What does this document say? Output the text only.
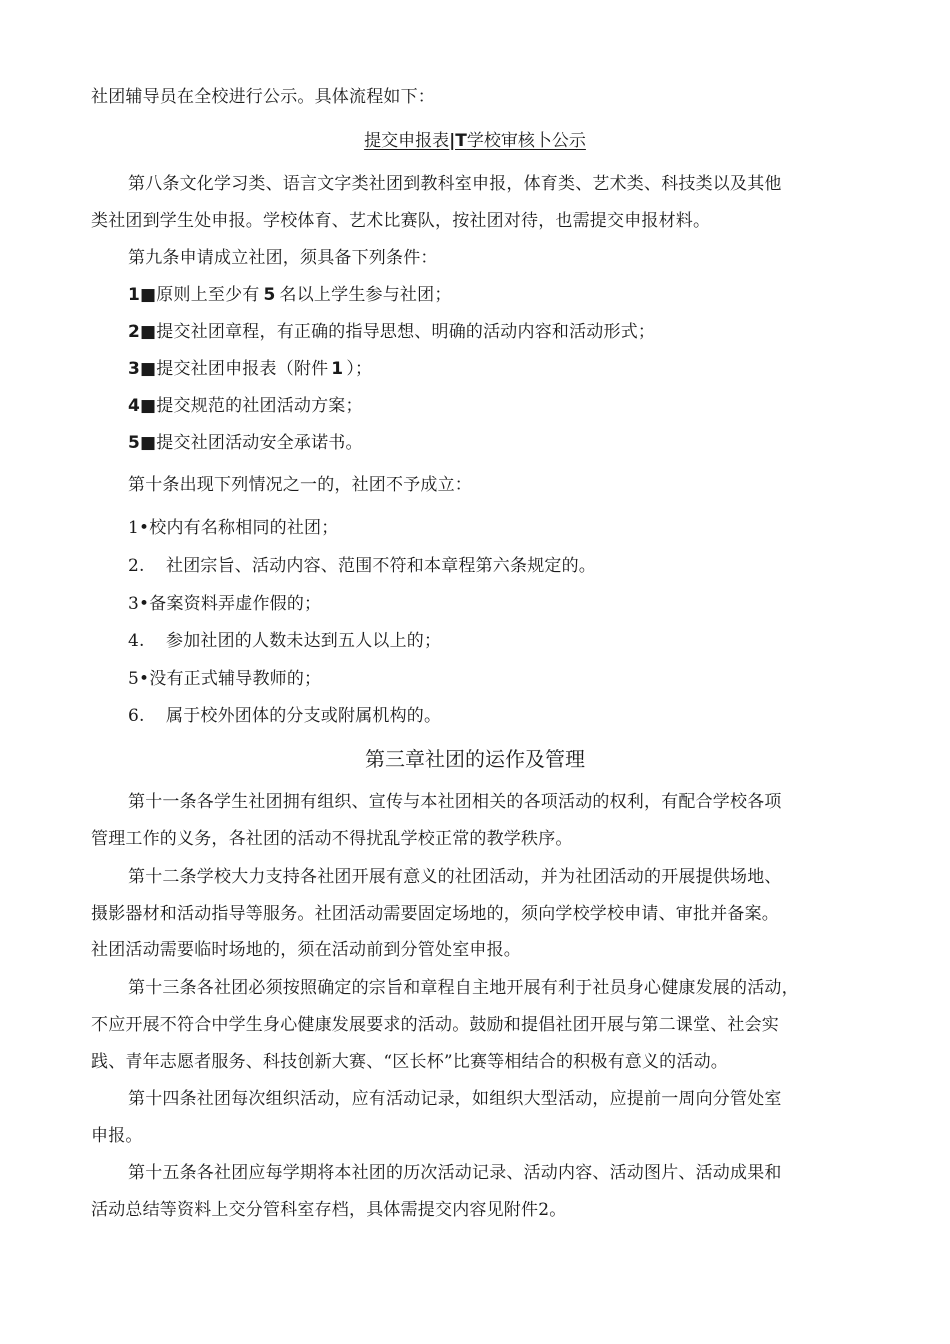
社团辅导员在全校进行公示。具体流程如下：
提交申报表|T学校审核卜公示
第八条文化学习类、语言文字类社团到教科室申报，体育类、艺术类、科技类以及其他
类社团到学生处申报。学校体育、艺术比赛队，按社团对待，也需提交申报材料。
第九条申请成立社团，须具备下列条件：
1■原则上至少有 5 名以上学生参与社团；
2■提交社团章程，有正确的指导思想、明确的活动内容和活动形式；
3■提交社团申报表（附件 1 ）；
4■提交规范的社团活动方案；
5■提交社团活动安全承诺书。
第十条出现下列情况之一的，社团不予成立：
1•校内有名称相同的社团；
2. 社团宗旨、活动内容、范围不符和本章程第六条规定的。
3•备案资料弄虚作假的；
4. 参加社团的人数未达到五人以上的；
5•没有正式辅导教师的；
6. 属于校外团体的分支或附属机构的。
第三章社团的运作及管理
第十一条各学生社团拥有组织、宣传与本社团相关的各项活动的权利，有配合学校各项
管理工作的义务，各社团的活动不得扰乱学校正常的教学秩序。
第十二条学校大力支持各社团开展有意义的社团活动，并为社团活动的开展提供场地、
摄影器材和活动指导等服务。社团活动需要固定场地的，须向学校学校申请、审批并备案。
社团活动需要临时场地的，须在活动前到分管处室申报。
第十三条各社团必须按照确定的宗旨和章程自主地开展有利于社员身心健康发展的活动，
不应开展不符合中学生身心健康发展要求的活动。鼓励和提倡社团开展与第二课堂、社会实
践、青年志愿者服务、科技创新大赛、“区长杯”比赛等相结合的积极有意义的活动。
第十四条社团每次组织活动，应有活动记录，如组织大型活动，应提前一周向分管处室
申报。
第十五条各社团应每学期将本社团的历次活动记录、活动内容、活动图片、活动成果和
活动总结等资料上交分管科室存档，具体需提交内容见附件2。
